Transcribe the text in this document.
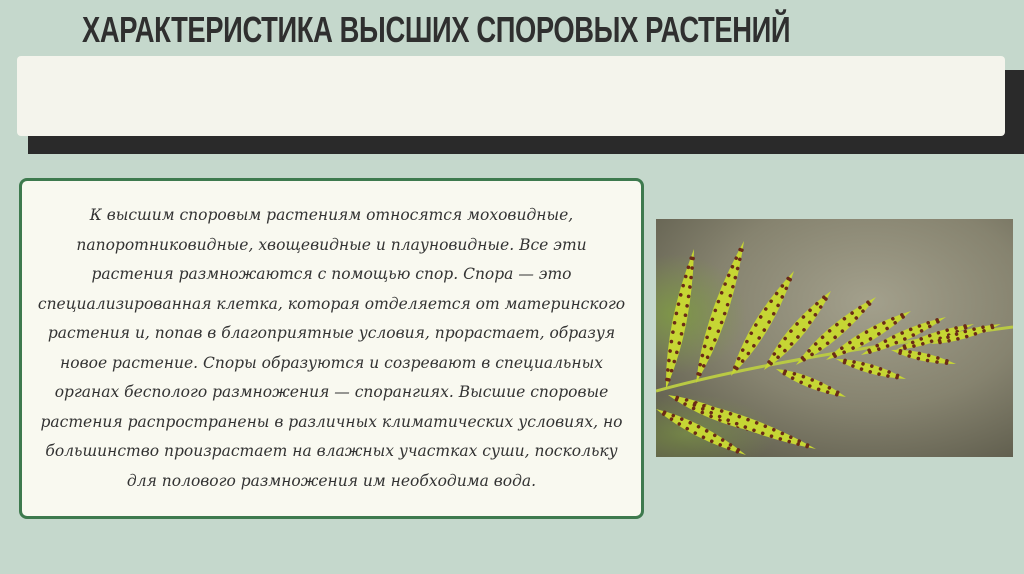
ХАРАКТЕРИСТИКА ВЫСШИХ СПОРОВЫХ РАСТЕНИЙ

К высшим споровым растениям относятся моховидные, папоротниковидные, хвощевидные и плауновидные. Все эти растения размножаются с помощью спор. Спора — это специализированная клетка, которая отделяется от материнского растения и, попав в благоприятные условия, прорастает, образуя новое растение. Споры образуются и созревают в специальных органах бесполого размножения — спорангиях. Высшие споровые растения распространены в различных климатических условиях, но большинство произрастает на влажных участках суши, поскольку для полового размножения им необходима вода.
